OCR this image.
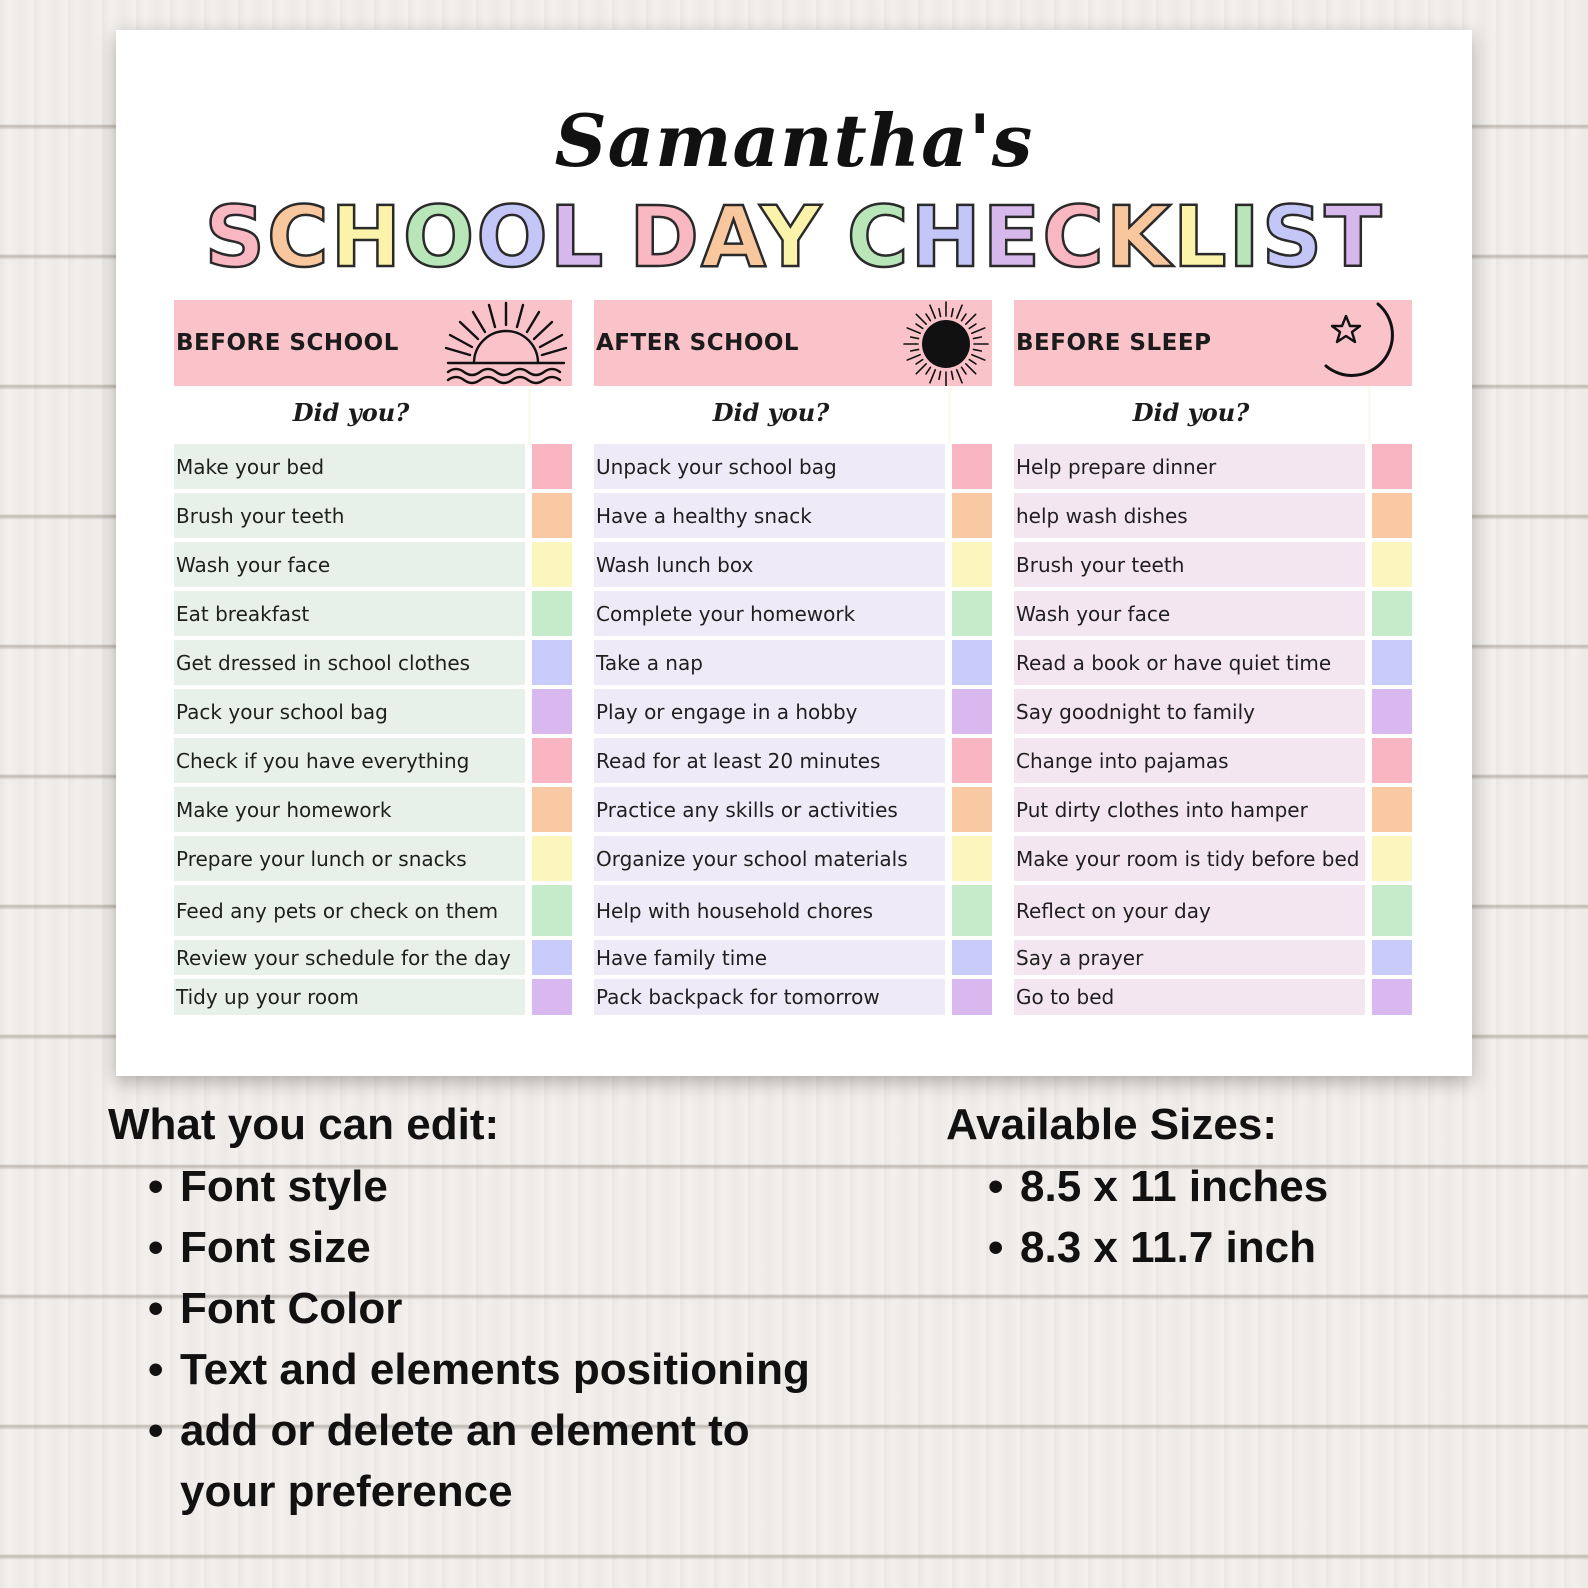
Samantha's
SCHOOL DAY CHECKLIST
BEFORE SCHOOL
Did you?
Make your bed
Brush your teeth
Wash your face
Eat breakfast
Get dressed in school clothes
Pack your school bag
Check if you have everything
Make your homework
Prepare your lunch or snacks
Feed any pets or check on them
Review your schedule for the day
Tidy up your room
AFTER SCHOOL
Did you?
Unpack your school bag
Have a healthy snack
Wash lunch box
Complete your homework
Take a nap
Play or engage in a hobby
Read for at least 20 minutes
Practice any skills or activities
Organize your school materials
Help with household chores
Have family time
Pack backpack for tomorrow
BEFORE SLEEP
Did you?
Help prepare dinner
help wash dishes
Brush your teeth
Wash your face
Read a book or have quiet time
Say goodnight to family
Change into pajamas
Put dirty clothes into hamper
Make your room is tidy before bed
Reflect on your day
Say a prayer
Go to bed
What you can edit:
• Font style
• Font size
• Font Color
• Text and elements positioning
• add or delete an element to
your preference
Available Sizes:
• 8.5 x 11 inches
• 8.3 x 11.7 inch
